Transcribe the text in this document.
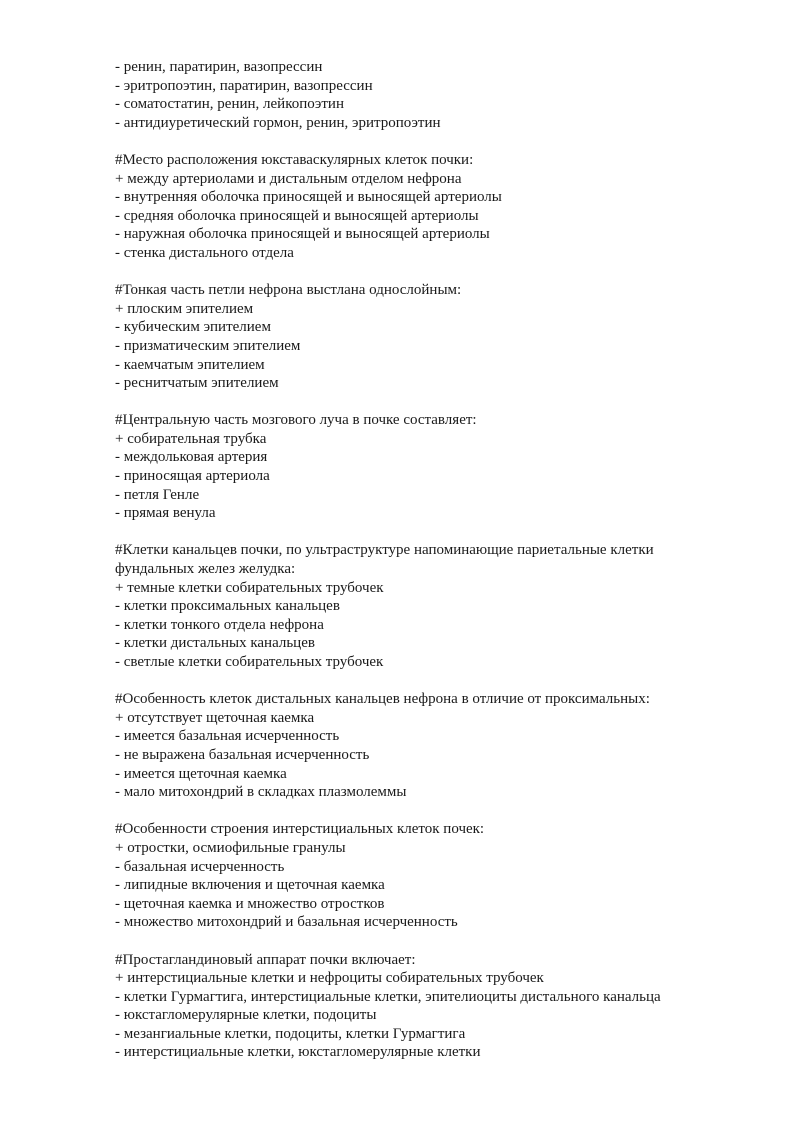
- ренин, паратирин, вазопрессин
- эритропоэтин, паратирин, вазопрессин
- соматостатин, ренин, лейкопоэтин
- антидиуретический гормон, ренин, эритропоэтин
#Место расположения юкставаскулярных клеток почки:
+ между артериолами и дистальным отделом нефрона
- внутренняя оболочка приносящей и выносящей артериолы
- средняя оболочка приносящей и выносящей артериолы
- наружная оболочка приносящей и выносящей артериолы
- стенка дистального отдела
#Тонкая часть петли нефрона выстлана однослойным:
+ плоским эпителием
- кубическим эпителием
- призматическим эпителием
- каемчатым эпителием
- реснитчатым эпителием
#Центральную часть мозгового луча в почке составляет:
+ собирательная трубка
- междольковая артерия
- приносящая артериола
- петля Генле
- прямая венула
#Клетки канальцев почки, по ультраструктуре напоминающие париетальные клетки фундальных желез желудка:
+ темные клетки собирательных трубочек
- клетки проксимальных канальцев
- клетки тонкого отдела нефрона
- клетки дистальных канальцев
- светлые клетки собирательных трубочек
#Особенность клеток дистальных канальцев нефрона в отличие от проксимальных:
+ отсутствует щеточная каемка
- имеется базальная исчерченность
- не выражена базальная исчерченность
- имеется щеточная каемка
- мало митохондрий в складках плазмолеммы
#Особенности строения интерстициальных клеток почек:
+ отростки, осмиофильные гранулы
- базальная исчерченность
- липидные включения и щеточная каемка
- щеточная каемка и множество отростков
- множество митохондрий и базальная исчерченность
#Простагландиновый аппарат почки включает:
+ интерстициальные клетки и нефроциты собирательных трубочек
- клетки Гурмагтига, интерстициальные клетки, эпителиоциты дистального канальца
- юкстагломерулярные клетки, подоциты
- мезангиальные клетки, подоциты, клетки Гурмагтига
- интерстициальные клетки, юкстагломерулярные клетки
